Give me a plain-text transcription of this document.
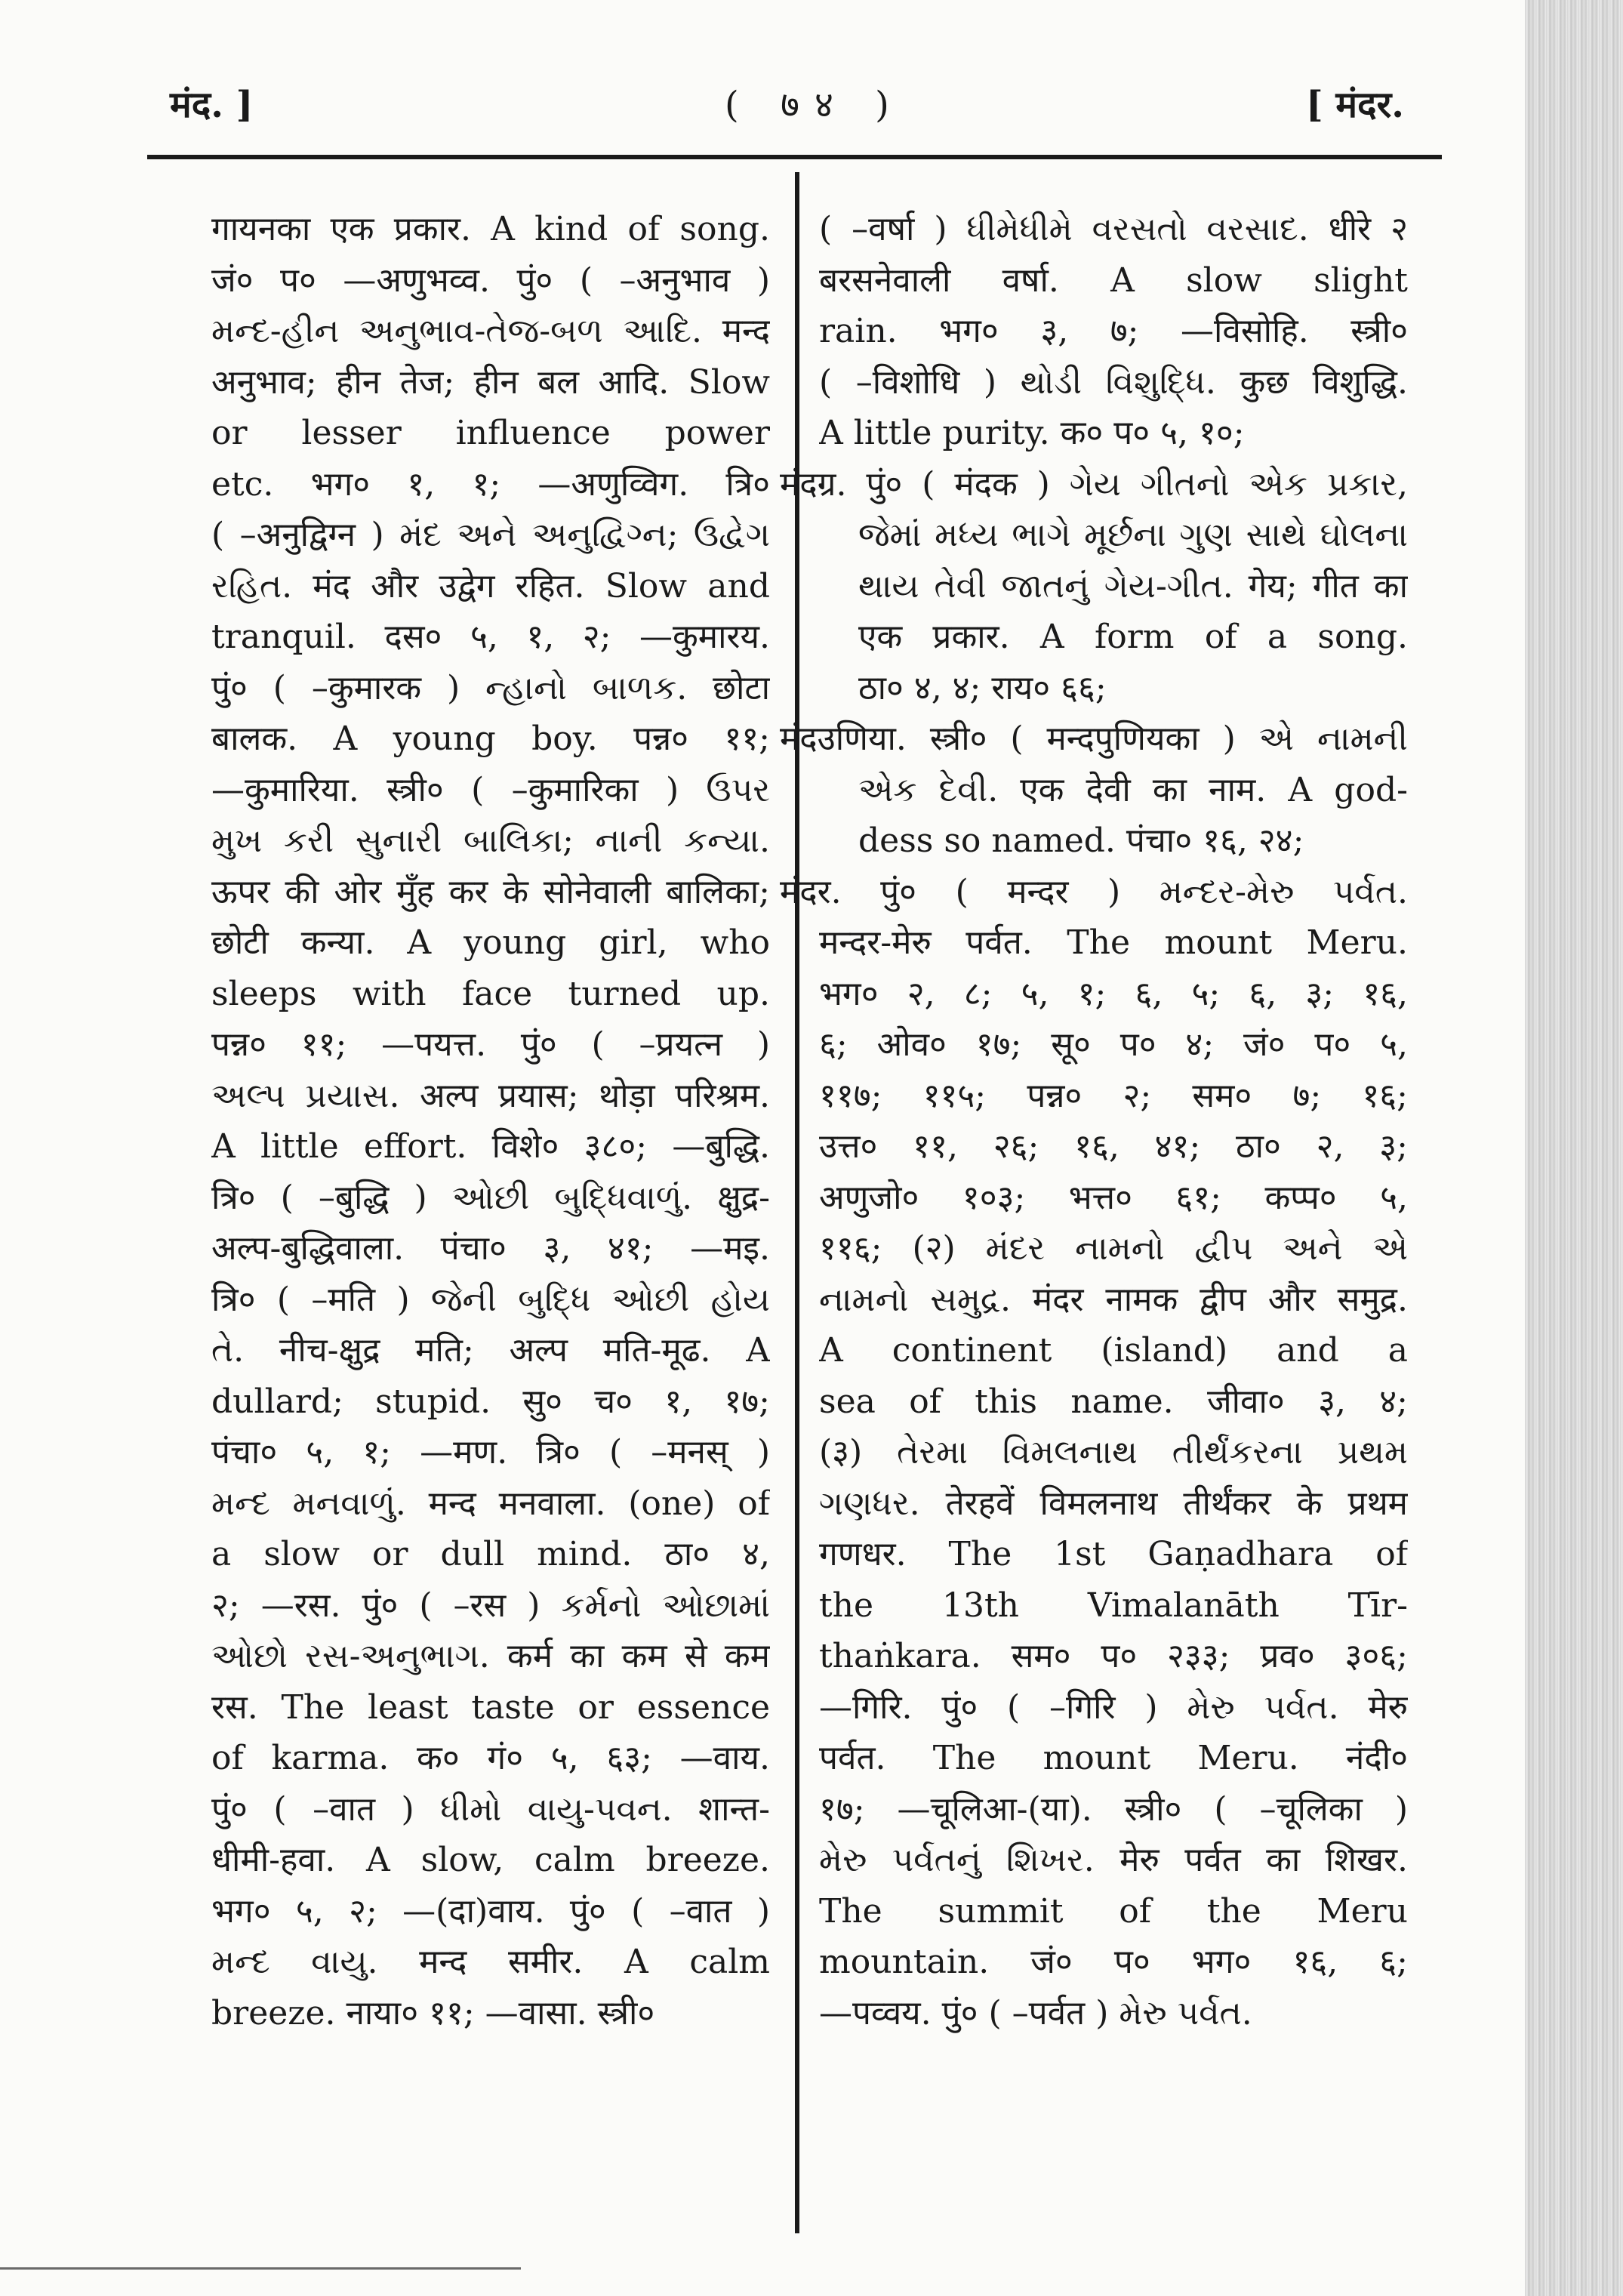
मंद. ]	( ७४ )	[ मंदर.
गायनका एक प्रकार. A kind of song.
जं० प० —अणुभव्व. पुं० ( –अनुभाव )
મન્દ-હીન અનુભાવ-તેજ-બળ આદિ. मन्द
अनुभाव; हीन तेज; हीन बल आदि. Slow
or lesser influence power
etc. भग० १, १; —अणुव्विग. त्रि०
( –अनुद्विग्न ) મંદ અને અનુદ્વિગ્ન; ઉદ્વેગ
રહિત. मंद और उद्वेग रहित. Slow and
tranquil. दस० ५, १, २; —कुमारय.
पुं० ( –कुमारक ) ન્હાનો બાળક. छोटा
बालक. A young boy. पन्न० ११;
—कुमारिया. स्त्री० ( –कुमारिका ) ઉપર
મુખ કરી સુનારી બાલિકા; નાની કન્યા.
ऊपर की ओर मुँह कर के सोनेवाली बालिका;
छोटी कन्या. A young girl, who
sleeps with face turned up.
पन्न० ११; —पयत्त. पुं० ( –प्रयत्न )
અલ્પ પ્રયાસ. अल्प प्रयास; थोड़ा परिश्रम.
A little effort. विशे० ३८०; —बुद्धि.
त्रि० ( –बुद्धि ) ઓછી બુદ્ધિવાળું. क्षुद्र-
अल्प-बुद्धिवाला. पंचा० ३, ४१; —मइ.
त्रि० ( –मति ) જેની બુદ્ધિ ઓછી હોય
તે. नीच-क्षुद्र मति; अल्प मति-मूढ. A
dullard; stupid. सु० च० १, १७;
पंचा० ५, १; —मण. त्रि० ( –मनस् )
મન્દ મનવાળું. मन्द मनवाला. (one) of
a slow or dull mind. ठा० ४,
२; —रस. पुं० ( –रस ) કર્મનો ઓછામાં
ઓછો રસ-અનુભાગ. कर्म का कम से कम
रस. The least taste or essence
of karma. क० गं० ५, ६३; —वाय.
पुं० ( –वात ) ધીમો વાયુ-પવન. शान्त-
धीमी-हवा. A slow, calm breeze.
भग० ५, २; —(दा)वाय. पुं० ( –वात )
મન્દ વાયુ. मन्द समीर. A calm
breeze. नाया० ११; —वासा. स्त्री०
( –वर्षा ) ધીમેધીમે વરસતો વરસાદ. धीरे २
बरसनेवाली वर्षा. A slow slight
rain. भग० ३, ७; —विसोहि. स्त्री०
( –विशोधि ) થોડી વિશુદ્ધિ. कुछ विशुद्धि.
A little purity. क० प० ५, १०;
मंदग्र. पुं० ( मंदक ) ગેય ગીતનો એક પ્રકાર,
જેમાં મધ્ય ભાગે મૂર્છના ગુણ સાથે ઘોલના
થાય તેવી જાતનું ગેય-ગીત. गेय; गीत का
एक प्रकार. A form of a song.
ठा० ४, ४; राय० ६६;
मंदउणिया. स्त्री० ( मन्दपुणियका ) એ નામની
એક દેવી. एक देवी का नाम. A god-
dess so named. पंचा० १६, २४;
मंदर. पुं० ( मन्दर ) મન્દર-મેરુ પર્વત.
मन्दर-मेरु पर्वत. The mount Meru.
भग० २, ८; ५, १; ६, ५; ६, ३; १६,
६; ओव० १७; सू० प० ४; जं० प० ५,
११७; ११५; पन्न० २; सम० ७; १६;
उत्त० ११, २६; १६, ४१; ठा० २, ३;
अणुजो० १०३; भत्त० ६१; कप्प० ५,
११६; (२) મંદર નામનો દ્વીપ અને એ
નામનો સમુદ્ર. मंदर नामक द्वीप और समुद्र.
A continent (island) and a
sea of this name. जीवा० ३, ४;
(३) તેરમા વિમલનાથ તીર્થંકરના પ્રથમ
ગણધર. तेरहवें विमलनाथ तीर्थंकर के प्रथम
गणधर. The 1st Gaṇadhara of
the 13th Vimalanāth Tīr-
thaṅkara. सम० प० २३३; प्रव० ३०६;
—गिरि. पुं० ( –गिरि ) મેરુ પર્વત. मेरु
पर्वत. The mount Meru. नंदी०
१७; —चूलिआ-(या). स्त्री० ( –चूलिका )
મેરુ પર્વતનું શિખર. मेरु पर्वत का शिखर.
The summit of the Meru
mountain. जं० प० भग० १६, ६;
—पव्वय. पुं० ( –पर्वत ) મેરુ પર્વત.
